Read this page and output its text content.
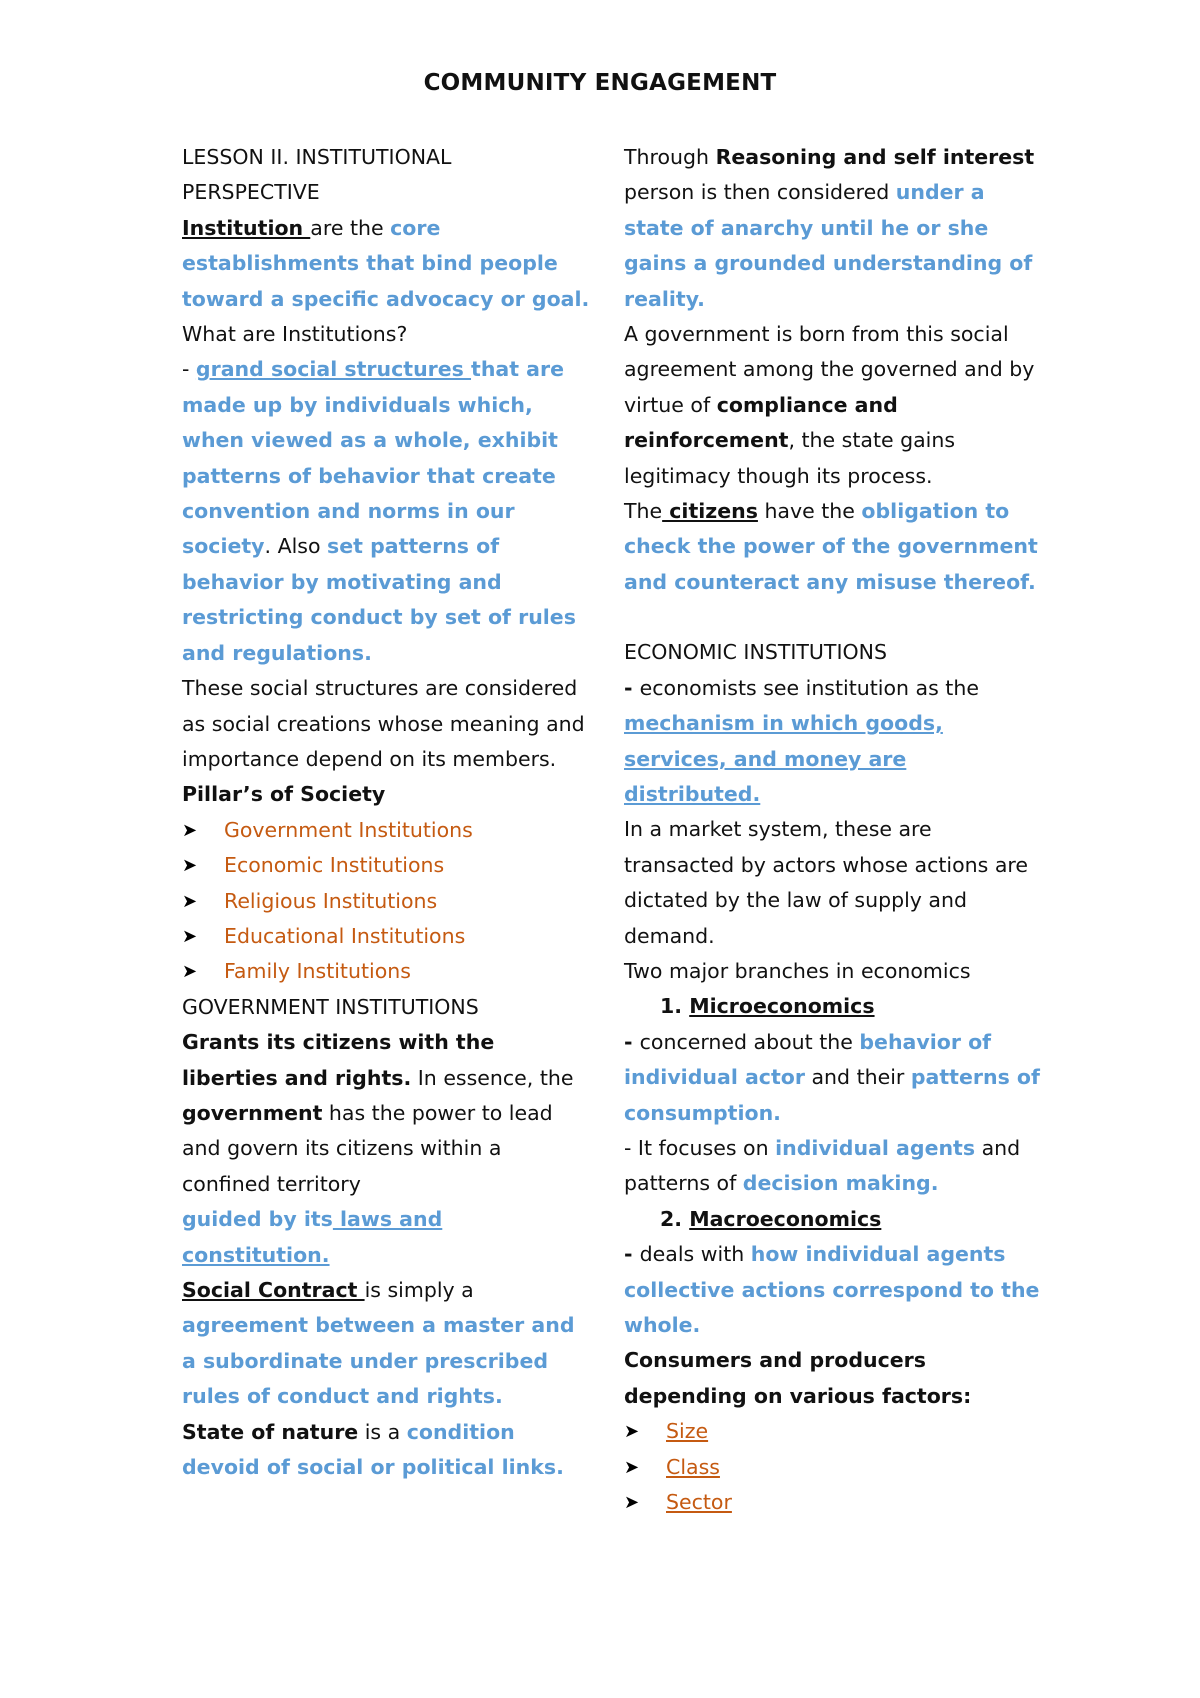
COMMUNITY ENGAGEMENT

LESSON II. INSTITUTIONAL PERSPECTIVE

Institution are the core establishments that bind people toward a specific advocacy or goal.

What are Institutions?

- grand social structures that are made up by individuals which, when viewed as a whole, exhibit patterns of behavior that create convention and norms in our society. Also set patterns of behavior by motivating and restricting conduct by set of rules and regulations.

These social structures are considered as social creations whose meaning and importance depend on its members.

Pillar’s of Society

➤ Government Institutions

➤ Economic Institutions

➤ Religious Institutions

➤ Educational Institutions

➤ Family Institutions

GOVERNMENT INSTITUTIONS

Grants its citizens with the liberties and rights. In essence, the government has the power to lead and govern its citizens within a confined territory

guided by its laws and constitution.

Social Contract is simply a

agreement between a master and a subordinate under prescribed rules of conduct and rights.

State of nature is a condition devoid of social or political links.

Through Reasoning and self interest person is then considered under a state of anarchy until he or she gains a grounded understanding of reality.

A government is born from this social agreement among the governed and by virtue of compliance and reinforcement, the state gains legitimacy though its process.

The citizens have the obligation to check the power of the government and counteract any misuse thereof.

ECONOMIC INSTITUTIONS

- economists see institution as the mechanism in which goods, services, and money are distributed.

In a market system, these are transacted by actors whose actions are dictated by the law of supply and demand.

Two major branches in economics

1. Microeconomics

- concerned about the behavior of individual actor and their patterns of consumption.

- It focuses on individual agents and patterns of decision making.

2. Macroeconomics

- deals with how individual agents collective actions correspond to the whole.

Consumers and producers depending on various factors:

➤ Size

➤ Class

➤ Sector
